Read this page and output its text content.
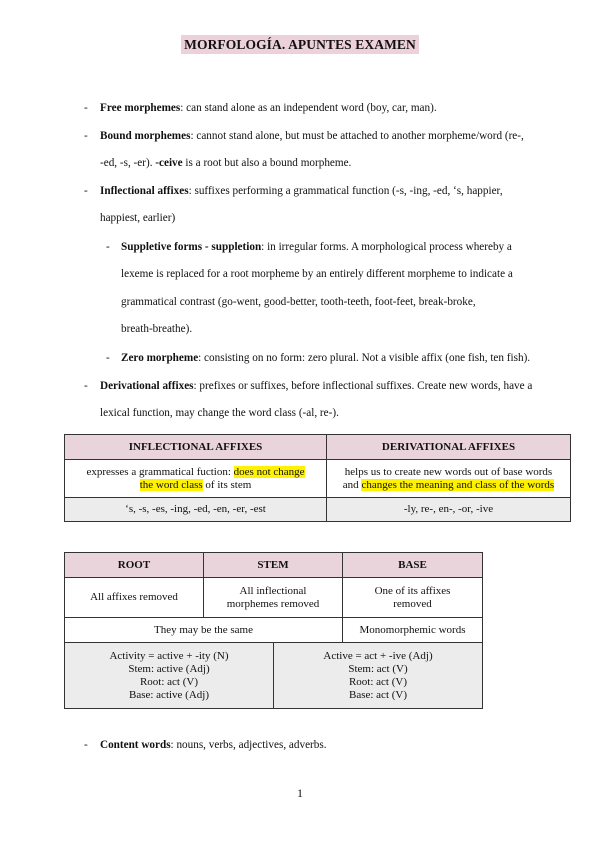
MORFOLOGÍA. APUNTES EXAMEN
- Free morphemes: can stand alone as an independent word (boy, car, man).
- Bound morphemes: cannot stand alone, but must be attached to another morpheme/word (re-,
-ed, -s, -er). -ceive is a root but also a bound morpheme.
- Inflectional affixes: suffixes performing a grammatical function (-s, -ing, -ed, ‘s, happier,
happiest, earlier)
- Suppletive forms - suppletion: in irregular forms. A morphological process whereby a
lexeme is replaced for a root morpheme by an entirely different morpheme to indicate a
grammatical contrast (go-went, good-better, tooth-teeth, foot-feet, break-broke,
breath-breathe).
- Zero morpheme: consisting on no form: zero plural. Not a visible affix (one fish, ten fish).
- Derivational affixes: prefixes or suffixes, before inflectional suffixes. Create new words, have a
lexical function, may change the word class (-al, re-).
INFLECTIONAL AFFIXES	DERIVATIONAL AFFIXES
expresses a grammatical fuction: does not change
the word class of its stem	helps us to create new words out of base words
and changes the meaning and class of the words
‘s, -s, -es, -ing, -ed, -en, -er, -est	-ly, re-, en-, -or, -ive
ROOT	STEM	BASE
All affixes removed	All inflectional
morphemes removed	One of its affixes
removed
They may be the same		Monomorphemic words
Activity = active + -ity (N)
Stem: active (Adj)
Root: act (V)
Base: active (Adj)	Active = act + -ive (Adj)
Stem: act (V)
Root: act (V)
Base: act (V)
- Content words: nouns, verbs, adjectives, adverbs.
1
